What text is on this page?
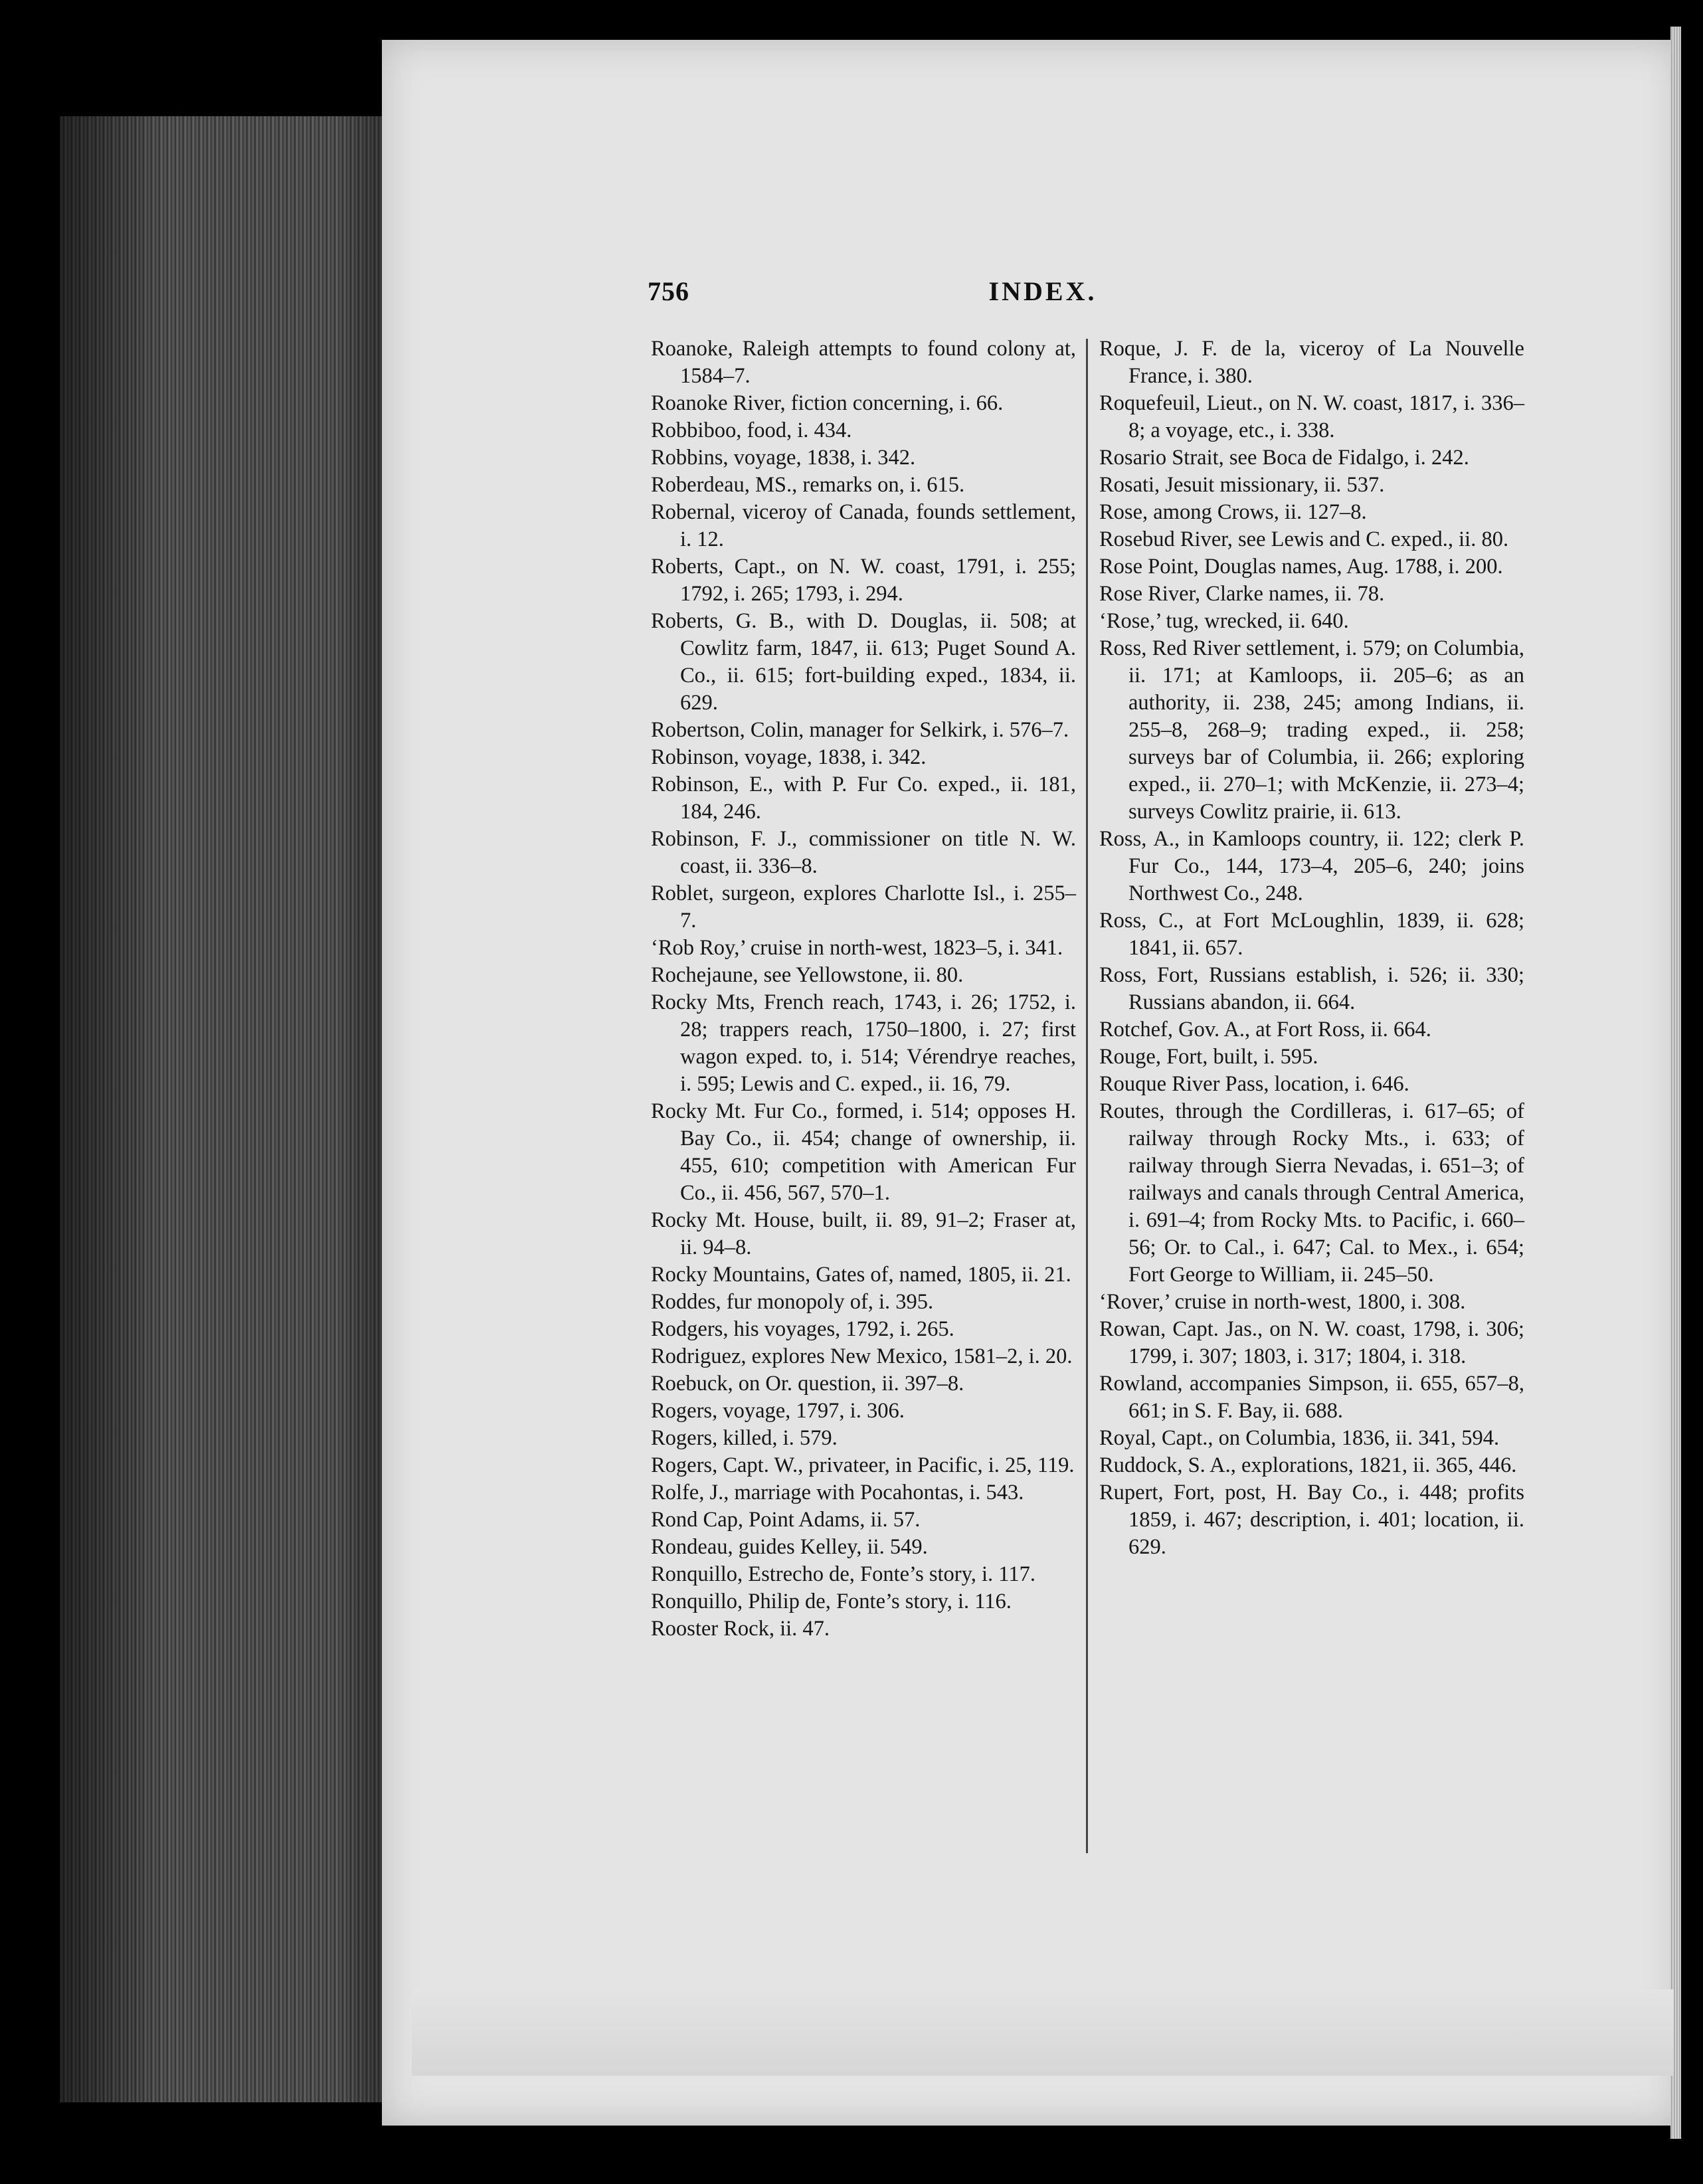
756	INDEX.

Roanoke, Raleigh attempts to found colony at, 1584–7.

Roanoke River, fiction concerning, i. 66.

Robbiboo, food, i. 434.

Robbins, voyage, 1838, i. 342.

Roberdeau, MS., remarks on, i. 615.

Robernal, viceroy of Canada, founds settlement, i. 12.

Roberts, Capt., on N. W. coast, 1791, i. 255; 1792, i. 265; 1793, i. 294.

Roberts, G. B., with D. Douglas, ii. 508; at Cowlitz farm, 1847, ii. 613; Puget Sound A. Co., ii. 615; fort-building exped., 1834, ii. 629.

Robertson, Colin, manager for Selkirk, i. 576–7.

Robinson, voyage, 1838, i. 342.

Robinson, E., with P. Fur Co. exped., ii. 181, 184, 246.

Robinson, F. J., commissioner on title N. W. coast, ii. 336–8.

Roblet, surgeon, explores Charlotte Isl., i. 255–7.

‘Rob Roy,’ cruise in north-west, 1823–5, i. 341.

Rochejaune, see Yellowstone, ii. 80.

Rocky Mts, French reach, 1743, i. 26; 1752, i. 28; trappers reach, 1750–1800, i. 27; first wagon exped. to, i. 514; Vérendrye reaches, i. 595; Lewis and C. exped., ii. 16, 79.

Rocky Mt. Fur Co., formed, i. 514; opposes H. Bay Co., ii. 454; change of ownership, ii. 455, 610; competition with American Fur Co., ii. 456, 567, 570–1.

Rocky Mt. House, built, ii. 89, 91–2; Fraser at, ii. 94–8.

Rocky Mountains, Gates of, named, 1805, ii. 21.

Roddes, fur monopoly of, i. 395.

Rodgers, his voyages, 1792, i. 265.

Rodriguez, explores New Mexico, 1581–2, i. 20.

Roebuck, on Or. question, ii. 397–8.

Rogers, voyage, 1797, i. 306.

Rogers, killed, i. 579.

Rogers, Capt. W., privateer, in Pacific, i. 25, 119.

Rolfe, J., marriage with Pocahontas, i. 543.

Rond Cap, Point Adams, ii. 57.

Rondeau, guides Kelley, ii. 549.

Ronquillo, Estrecho de, Fonte’s story, i. 117.

Ronquillo, Philip de, Fonte’s story, i. 116.

Rooster Rock, ii. 47.

Roque, J. F. de la, viceroy of La Nouvelle France, i. 380.

Roquefeuil, Lieut., on N. W. coast, 1817, i. 336–8; a voyage, etc., i. 338.

Rosario Strait, see Boca de Fidalgo, i. 242.

Rosati, Jesuit missionary, ii. 537.

Rose, among Crows, ii. 127–8.

Rosebud River, see Lewis and C. exped., ii. 80.

Rose Point, Douglas names, Aug. 1788, i. 200.

Rose River, Clarke names, ii. 78.

‘Rose,’ tug, wrecked, ii. 640.

Ross, Red River settlement, i. 579; on Columbia, ii. 171; at Kamloops, ii. 205–6; as an authority, ii. 238, 245; among Indians, ii. 255–8, 268–9; trading exped., ii. 258; surveys bar of Columbia, ii. 266; exploring exped., ii. 270–1; with McKenzie, ii. 273–4; surveys Cowlitz prairie, ii. 613.

Ross, A., in Kamloops country, ii. 122; clerk P. Fur Co., 144, 173–4, 205–6, 240; joins Northwest Co., 248.

Ross, C., at Fort McLoughlin, 1839, ii. 628; 1841, ii. 657.

Ross, Fort, Russians establish, i. 526; ii. 330; Russians abandon, ii. 664.

Rotchef, Gov. A., at Fort Ross, ii. 664.

Rouge, Fort, built, i. 595.

Rouque River Pass, location, i. 646.

Routes, through the Cordilleras, i. 617–65; of railway through Rocky Mts., i. 633; of railway through Sierra Nevadas, i. 651–3; of railways and canals through Central America, i. 691–4; from Rocky Mts. to Pacific, i. 660–56; Or. to Cal., i. 647; Cal. to Mex., i. 654; Fort George to William, ii. 245–50.

‘Rover,’ cruise in north-west, 1800, i. 308.

Rowan, Capt. Jas., on N. W. coast, 1798, i. 306; 1799, i. 307; 1803, i. 317; 1804, i. 318.

Rowland, accompanies Simpson, ii. 655, 657–8, 661; in S. F. Bay, ii. 688.

Royal, Capt., on Columbia, 1836, ii. 341, 594.

Ruddock, S. A., explorations, 1821, ii. 365, 446.

Rupert, Fort, post, H. Bay Co., i. 448; profits 1859, i. 467; description, i. 401; location, ii. 629.
